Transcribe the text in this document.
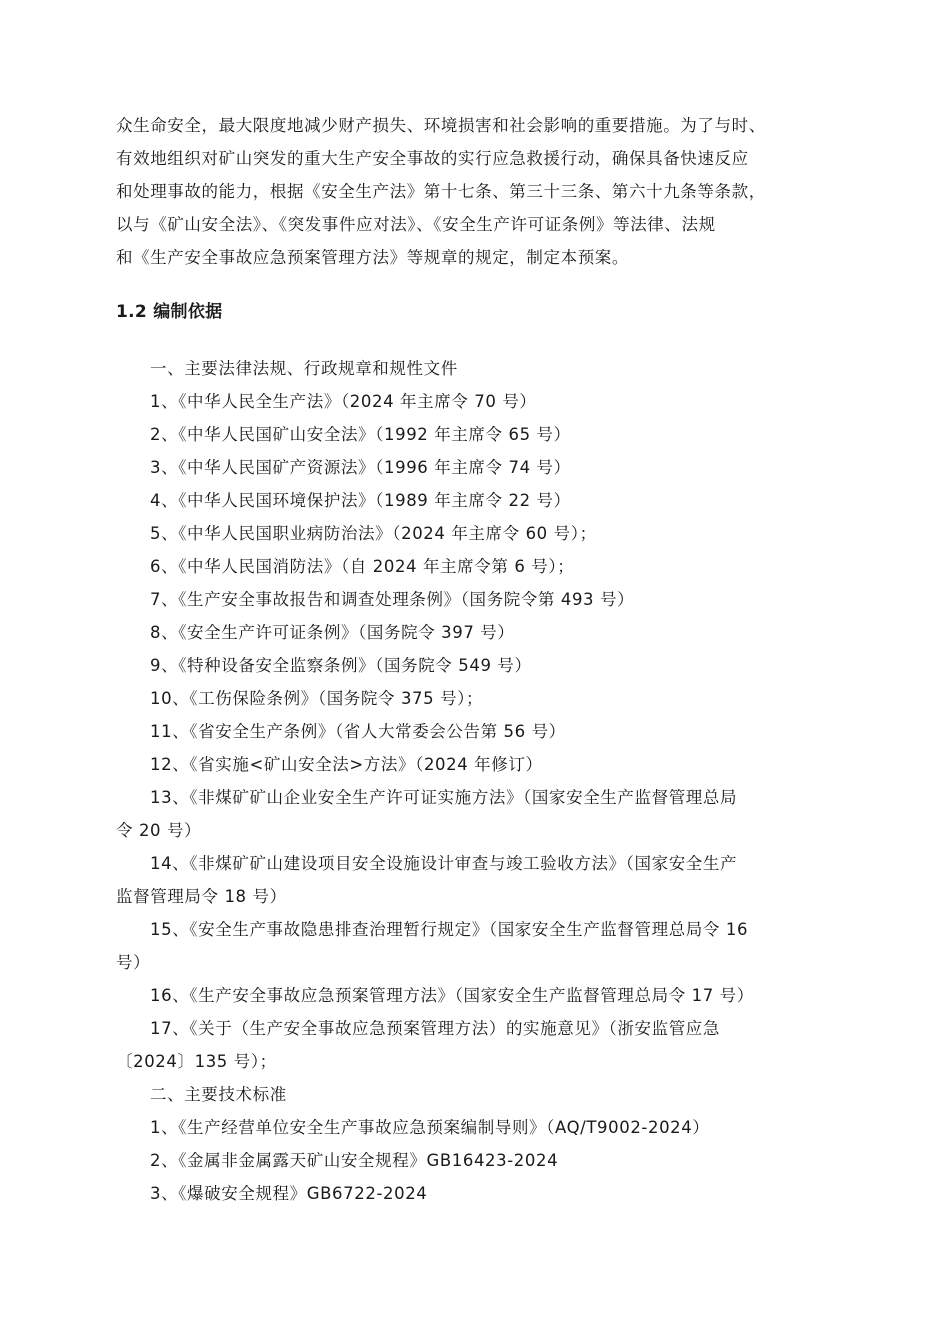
众生命安全，最大限度地减少财产损失、环境损害和社会影响的重要措施。为了与时、
有效地组织对矿山突发的重大生产安全事故的实行应急救援行动，确保具备快速反应
和处理事故的能力，根据《安全生产法》第十七条、第三十三条、第六十九条等条款，
以与《矿山安全法》、《突发事件应对法》、《安全生产许可证条例》等法律、法规
和《生产安全事故应急预案管理方法》等规章的规定，制定本预案。
1.2 编制依据
一、主要法律法规、行政规章和规性文件
1、《中华人民全生产法》（2024 年主席令 70 号）
2、《中华人民国矿山安全法》（1992 年主席令 65 号）
3、《中华人民国矿产资源法》（1996 年主席令 74 号）
4、《中华人民国环境保护法》（1989 年主席令 22 号）
5、《中华人民国职业病防治法》（2024 年主席令 60 号）；
6、《中华人民国消防法》（自 2024 年主席令第 6 号）；
7、《生产安全事故报告和调查处理条例》（国务院令第 493 号）
8、《安全生产许可证条例》（国务院令 397 号）
9、《特种设备安全监察条例》（国务院令 549 号）
10、《工伤保险条例》（国务院令 375 号）；
11、《省安全生产条例》（省人大常委会公告第 56 号）
12、《省实施<矿山安全法>方法》（2024 年修订）
13、《非煤矿矿山企业安全生产许可证实施方法》（国家安全生产监督管理总局
令 20 号）
14、《非煤矿矿山建设项目安全设施设计审查与竣工验收方法》（国家安全生产
监督管理局令 18 号）
15、《安全生产事故隐患排查治理暂行规定》（国家安全生产监督管理总局令 16
号）
16、《生产安全事故应急预案管理方法》（国家安全生产监督管理总局令 17 号）
17、《关于（生产安全事故应急预案管理方法）的实施意见》（浙安监管应急
〔2024〕135 号）；
二、主要技术标准
1、《生产经营单位安全生产事故应急预案编制导则》（AQ/T9002-2024）
2、《金属非金属露天矿山安全规程》GB16423-2024
3、《爆破安全规程》GB6722-2024
